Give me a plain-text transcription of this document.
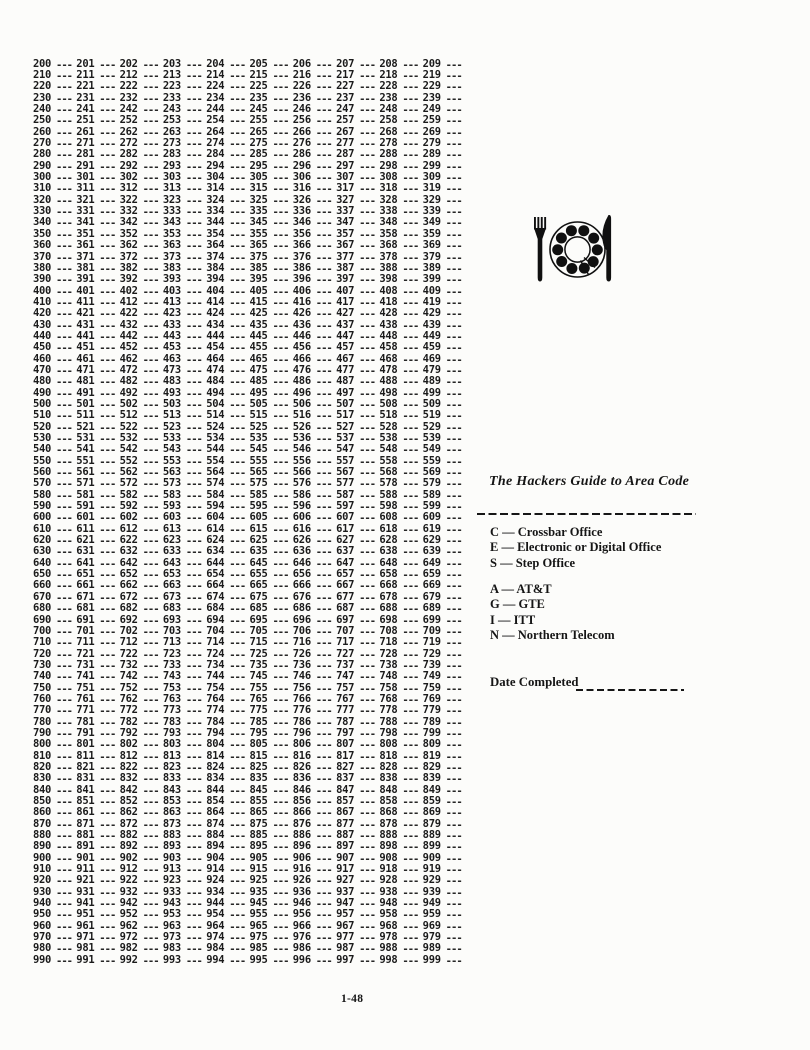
200 --- 201 --- 202 --- 203 --- 204 --- 205 --- 206 --- 207 --- 208 --- 209 ---
210 --- 211 --- 212 --- 213 --- 214 --- 215 --- 216 --- 217 --- 218 --- 219 ---
220 --- 221 --- 222 --- 223 --- 224 --- 225 --- 226 --- 227 --- 228 --- 229 ---
230 --- 231 --- 232 --- 233 --- 234 --- 235 --- 236 --- 237 --- 238 --- 239 ---
240 --- 241 --- 242 --- 243 --- 244 --- 245 --- 246 --- 247 --- 248 --- 249 ---
250 --- 251 --- 252 --- 253 --- 254 --- 255 --- 256 --- 257 --- 258 --- 259 ---
260 --- 261 --- 262 --- 263 --- 264 --- 265 --- 266 --- 267 --- 268 --- 269 ---
270 --- 271 --- 272 --- 273 --- 274 --- 275 --- 276 --- 277 --- 278 --- 279 ---
280 --- 281 --- 282 --- 283 --- 284 --- 285 --- 286 --- 287 --- 288 --- 289 ---
290 --- 291 --- 292 --- 293 --- 294 --- 295 --- 296 --- 297 --- 298 --- 299 ---
300 --- 301 --- 302 --- 303 --- 304 --- 305 --- 306 --- 307 --- 308 --- 309 ---
310 --- 311 --- 312 --- 313 --- 314 --- 315 --- 316 --- 317 --- 318 --- 319 ---
320 --- 321 --- 322 --- 323 --- 324 --- 325 --- 326 --- 327 --- 328 --- 329 ---
330 --- 331 --- 332 --- 333 --- 334 --- 335 --- 336 --- 337 --- 338 --- 339 ---
340 --- 341 --- 342 --- 343 --- 344 --- 345 --- 346 --- 347 --- 348 --- 349 ---
350 --- 351 --- 352 --- 353 --- 354 --- 355 --- 356 --- 357 --- 358 --- 359 ---
360 --- 361 --- 362 --- 363 --- 364 --- 365 --- 366 --- 367 --- 368 --- 369 ---
370 --- 371 --- 372 --- 373 --- 374 --- 375 --- 376 --- 377 --- 378 --- 379 ---
380 --- 381 --- 382 --- 383 --- 384 --- 385 --- 386 --- 387 --- 388 --- 389 ---
390 --- 391 --- 392 --- 393 --- 394 --- 395 --- 396 --- 397 --- 398 --- 399 ---
400 --- 401 --- 402 --- 403 --- 404 --- 405 --- 406 --- 407 --- 408 --- 409 ---
410 --- 411 --- 412 --- 413 --- 414 --- 415 --- 416 --- 417 --- 418 --- 419 ---
420 --- 421 --- 422 --- 423 --- 424 --- 425 --- 426 --- 427 --- 428 --- 429 ---
430 --- 431 --- 432 --- 433 --- 434 --- 435 --- 436 --- 437 --- 438 --- 439 ---
440 --- 441 --- 442 --- 443 --- 444 --- 445 --- 446 --- 447 --- 448 --- 449 ---
450 --- 451 --- 452 --- 453 --- 454 --- 455 --- 456 --- 457 --- 458 --- 459 ---
460 --- 461 --- 462 --- 463 --- 464 --- 465 --- 466 --- 467 --- 468 --- 469 ---
470 --- 471 --- 472 --- 473 --- 474 --- 475 --- 476 --- 477 --- 478 --- 479 ---
480 --- 481 --- 482 --- 483 --- 484 --- 485 --- 486 --- 487 --- 488 --- 489 ---
490 --- 491 --- 492 --- 493 --- 494 --- 495 --- 496 --- 497 --- 498 --- 499 ---
500 --- 501 --- 502 --- 503 --- 504 --- 505 --- 506 --- 507 --- 508 --- 509 ---
510 --- 511 --- 512 --- 513 --- 514 --- 515 --- 516 --- 517 --- 518 --- 519 ---
520 --- 521 --- 522 --- 523 --- 524 --- 525 --- 526 --- 527 --- 528 --- 529 ---
530 --- 531 --- 532 --- 533 --- 534 --- 535 --- 536 --- 537 --- 538 --- 539 ---
540 --- 541 --- 542 --- 543 --- 544 --- 545 --- 546 --- 547 --- 548 --- 549 ---
550 --- 551 --- 552 --- 553 --- 554 --- 555 --- 556 --- 557 --- 558 --- 559 ---
560 --- 561 --- 562 --- 563 --- 564 --- 565 --- 566 --- 567 --- 568 --- 569 ---
570 --- 571 --- 572 --- 573 --- 574 --- 575 --- 576 --- 577 --- 578 --- 579 ---
580 --- 581 --- 582 --- 583 --- 584 --- 585 --- 586 --- 587 --- 588 --- 589 ---
590 --- 591 --- 592 --- 593 --- 594 --- 595 --- 596 --- 597 --- 598 --- 599 ---
600 --- 601 --- 602 --- 603 --- 604 --- 605 --- 606 --- 607 --- 608 --- 609 ---
610 --- 611 --- 612 --- 613 --- 614 --- 615 --- 616 --- 617 --- 618 --- 619 ---
620 --- 621 --- 622 --- 623 --- 624 --- 625 --- 626 --- 627 --- 628 --- 629 ---
630 --- 631 --- 632 --- 633 --- 634 --- 635 --- 636 --- 637 --- 638 --- 639 ---
640 --- 641 --- 642 --- 643 --- 644 --- 645 --- 646 --- 647 --- 648 --- 649 ---
650 --- 651 --- 652 --- 653 --- 654 --- 655 --- 656 --- 657 --- 658 --- 659 ---
660 --- 661 --- 662 --- 663 --- 664 --- 665 --- 666 --- 667 --- 668 --- 669 ---
670 --- 671 --- 672 --- 673 --- 674 --- 675 --- 676 --- 677 --- 678 --- 679 ---
680 --- 681 --- 682 --- 683 --- 684 --- 685 --- 686 --- 687 --- 688 --- 689 ---
690 --- 691 --- 692 --- 693 --- 694 --- 695 --- 696 --- 697 --- 698 --- 699 ---
700 --- 701 --- 702 --- 703 --- 704 --- 705 --- 706 --- 707 --- 708 --- 709 ---
710 --- 711 --- 712 --- 713 --- 714 --- 715 --- 716 --- 717 --- 718 --- 719 ---
720 --- 721 --- 722 --- 723 --- 724 --- 725 --- 726 --- 727 --- 728 --- 729 ---
730 --- 731 --- 732 --- 733 --- 734 --- 735 --- 736 --- 737 --- 738 --- 739 ---
740 --- 741 --- 742 --- 743 --- 744 --- 745 --- 746 --- 747 --- 748 --- 749 ---
750 --- 751 --- 752 --- 753 --- 754 --- 755 --- 756 --- 757 --- 758 --- 759 ---
760 --- 761 --- 762 --- 763 --- 764 --- 765 --- 766 --- 767 --- 768 --- 769 ---
770 --- 771 --- 772 --- 773 --- 774 --- 775 --- 776 --- 777 --- 778 --- 779 ---
780 --- 781 --- 782 --- 783 --- 784 --- 785 --- 786 --- 787 --- 788 --- 789 ---
790 --- 791 --- 792 --- 793 --- 794 --- 795 --- 796 --- 797 --- 798 --- 799 ---
800 --- 801 --- 802 --- 803 --- 804 --- 805 --- 806 --- 807 --- 808 --- 809 ---
810 --- 811 --- 812 --- 813 --- 814 --- 815 --- 816 --- 817 --- 818 --- 819 ---
820 --- 821 --- 822 --- 823 --- 824 --- 825 --- 826 --- 827 --- 828 --- 829 ---
830 --- 831 --- 832 --- 833 --- 834 --- 835 --- 836 --- 837 --- 838 --- 839 ---
840 --- 841 --- 842 --- 843 --- 844 --- 845 --- 846 --- 847 --- 848 --- 849 ---
850 --- 851 --- 852 --- 853 --- 854 --- 855 --- 856 --- 857 --- 858 --- 859 ---
860 --- 861 --- 862 --- 863 --- 864 --- 865 --- 866 --- 867 --- 868 --- 869 ---
870 --- 871 --- 872 --- 873 --- 874 --- 875 --- 876 --- 877 --- 878 --- 879 ---
880 --- 881 --- 882 --- 883 --- 884 --- 885 --- 886 --- 887 --- 888 --- 889 ---
890 --- 891 --- 892 --- 893 --- 894 --- 895 --- 896 --- 897 --- 898 --- 899 ---
900 --- 901 --- 902 --- 903 --- 904 --- 905 --- 906 --- 907 --- 908 --- 909 ---
910 --- 911 --- 912 --- 913 --- 914 --- 915 --- 916 --- 917 --- 918 --- 919 ---
920 --- 921 --- 922 --- 923 --- 924 --- 925 --- 926 --- 927 --- 928 --- 929 ---
930 --- 931 --- 932 --- 933 --- 934 --- 935 --- 936 --- 937 --- 938 --- 939 ---
940 --- 941 --- 942 --- 943 --- 944 --- 945 --- 946 --- 947 --- 948 --- 949 ---
950 --- 951 --- 952 --- 953 --- 954 --- 955 --- 956 --- 957 --- 958 --- 959 ---
960 --- 961 --- 962 --- 963 --- 964 --- 965 --- 966 --- 967 --- 968 --- 969 ---
970 --- 971 --- 972 --- 973 --- 974 --- 975 --- 976 --- 977 --- 978 --- 979 ---
980 --- 981 --- 982 --- 983 --- 984 --- 985 --- 986 --- 987 --- 988 --- 989 ---
990 --- 991 --- 992 --- 993 --- 994 --- 995 --- 996 --- 997 --- 998 --- 999 ---
The Hackers Guide to Area Code
C — Crossbar Office
E — Electronic or Digital Office
S — Step Office
A — AT&T
G — GTE
I — ITT
N — Northern Telecom
Date Completed
1-48
